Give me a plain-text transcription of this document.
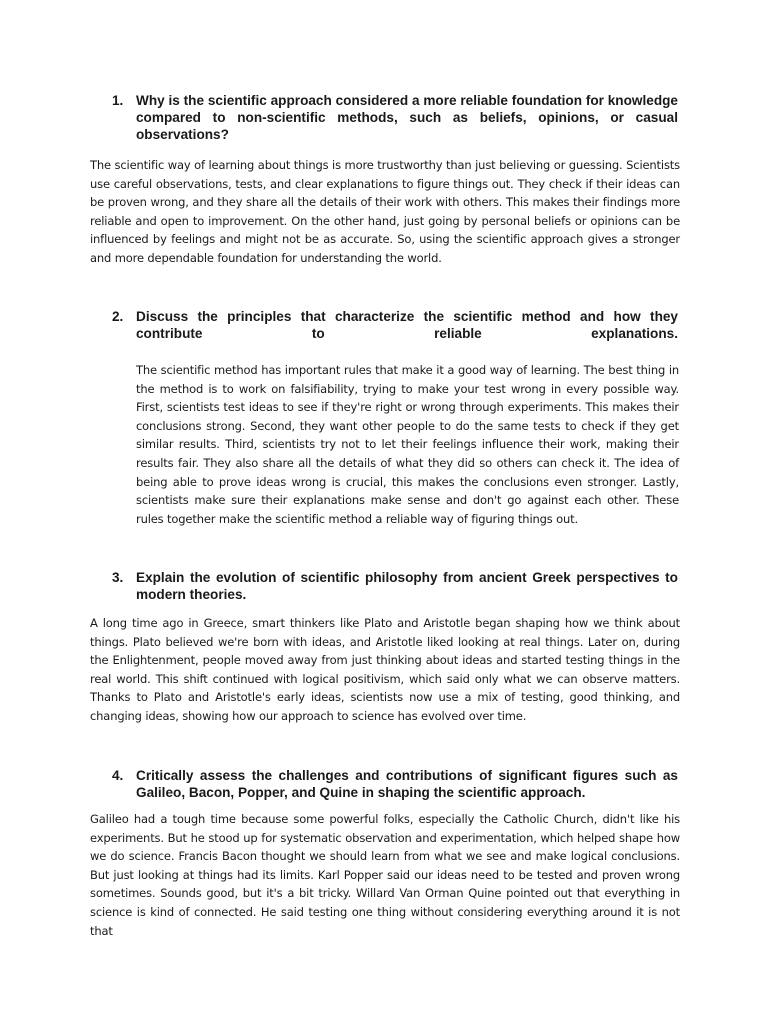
1. Why is the scientific approach considered a more reliable foundation for knowledge compared to non-scientific methods, such as beliefs, opinions, or casual observations?
The scientific way of learning about things is more trustworthy than just believing or guessing. Scientists use careful observations, tests, and clear explanations to figure things out. They check if their ideas can be proven wrong, and they share all the details of their work with others. This makes their findings more reliable and open to improvement. On the other hand, just going by personal beliefs or opinions can be influenced by feelings and might not be as accurate. So, using the scientific approach gives a stronger and more dependable foundation for understanding the world.
2. Discuss the principles that characterize the scientific method and how they contribute to reliable explanations.
The scientific method has important rules that make it a good way of learning. The best thing in the method is to work on falsifiability, trying to make your test wrong in every possible way. First, scientists test ideas to see if they're right or wrong through experiments. This makes their conclusions strong. Second, they want other people to do the same tests to check if they get similar results. Third, scientists try not to let their feelings influence their work, making their results fair. They also share all the details of what they did so others can check it. The idea of being able to prove ideas wrong is crucial, this makes the conclusions even stronger. Lastly, scientists make sure their explanations make sense and don't go against each other. These rules together make the scientific method a reliable way of figuring things out.
3. Explain the evolution of scientific philosophy from ancient Greek perspectives to modern theories.
A long time ago in Greece, smart thinkers like Plato and Aristotle began shaping how we think about things. Plato believed we're born with ideas, and Aristotle liked looking at real things. Later on, during the Enlightenment, people moved away from just thinking about ideas and started testing things in the real world. This shift continued with logical positivism, which said only what we can observe matters. Thanks to Plato and Aristotle's early ideas, scientists now use a mix of testing, good thinking, and changing ideas, showing how our approach to science has evolved over time.
4. Critically assess the challenges and contributions of significant figures such as Galileo, Bacon, Popper, and Quine in shaping the scientific approach.
Galileo had a tough time because some powerful folks, especially the Catholic Church, didn't like his experiments. But he stood up for systematic observation and experimentation, which helped shape how we do science. Francis Bacon thought we should learn from what we see and make logical conclusions. But just looking at things had its limits. Karl Popper said our ideas need to be tested and proven wrong sometimes. Sounds good, but it's a bit tricky. Willard Van Orman Quine pointed out that everything in science is kind of connected. He said testing one thing without considering everything around it is not that
